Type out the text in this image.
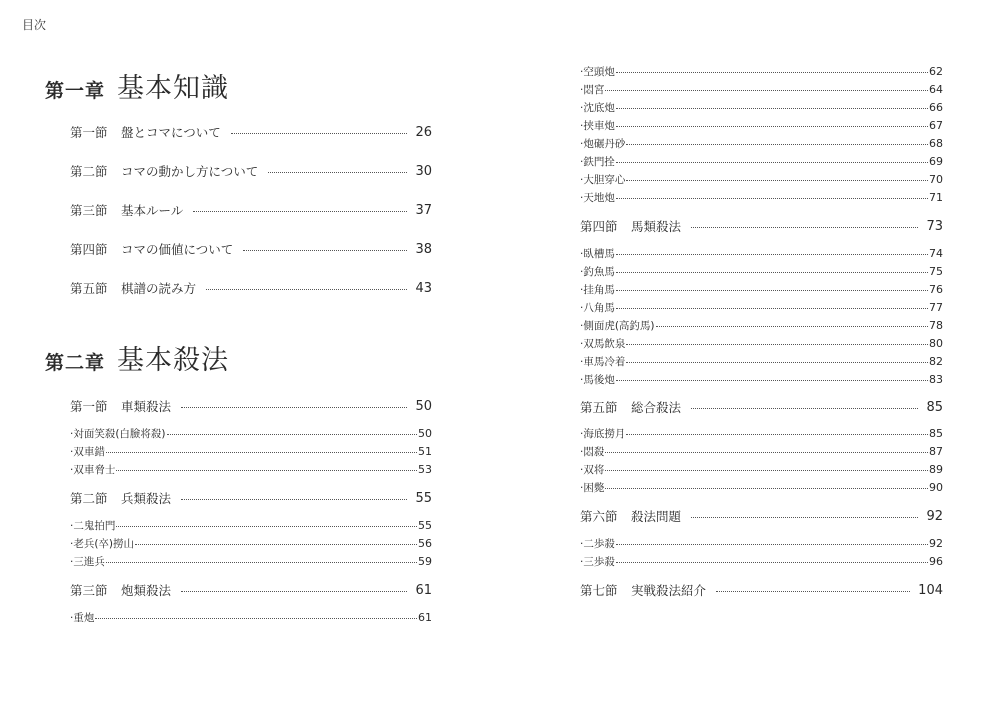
目次
第一章 基本知識
第一節	盤とコマについて	26
第二節	コマの動かし方について	30
第三節	基本ルール	37
第四節	コマの価値について	38
第五節	棋譜の読み方	43
第二章 基本殺法
第一節	車類殺法	50
·対面笑殺(白臉将殺)	50
·双車錯	51
·双車脅士	53
第二節	兵類殺法	55
·二鬼拍門	55
·老兵(卒)撈山	56
·三進兵	59
第三節	炮類殺法	61
·重炮	61
·空頭炮	62
·悶宮	64
·沈底炮	66
·挟車炮	67
·炮碾丹砂	68
·鉄門拴	69
·大胆穿心	70
·天地炮	71
第四節	馬類殺法	73
·臥槽馬	74
·釣魚馬	75
·挂角馬	76
·八角馬	77
·側面虎(高釣馬)	78
·双馬飲泉	80
·車馬冷着	82
·馬後炮	83
第五節	総合殺法	85
·海底撈月	85
·悶殺	87
·双将	89
·困斃	90
第六節	殺法問題	92
·二歩殺	92
·三歩殺	96
第七節	実戦殺法紹介	104
